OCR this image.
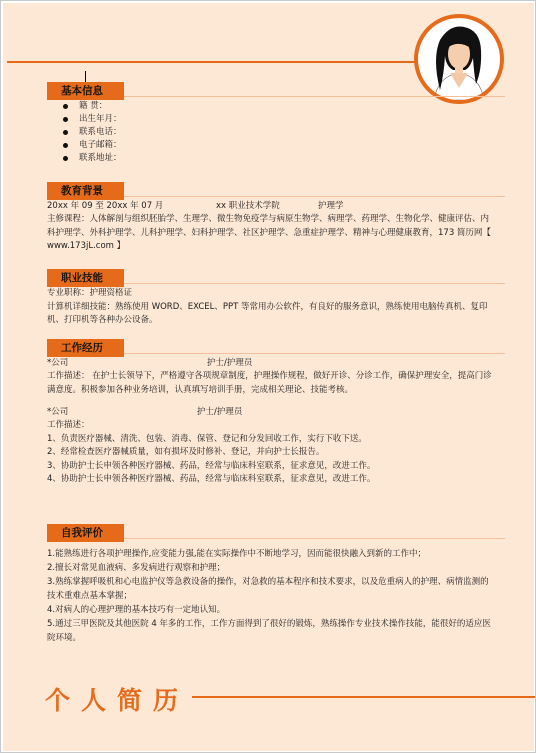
基本信息
籍 贯：
出生年月：
联系电话：
电子邮箱：
联系地址：
教育背景
20xx 年 09 至 20xx 年 07 月	xx 职业技术学院	护理学
主修课程：人体解剖与组织胚胎学、生理学、微生物免疫学与病原生物学、病理学、药理学、生物化学、健康评估、内科护理学、外科护理学、儿科护理学、妇科护理学、社区护理学、急重症护理学、精神与心理健康教育，173 简历网【 www.173jL.com 】
职业技能
专业职称：护理资格证
计算机详细技能：熟练使用 WORD、EXCEL、PPT 等常用办公软件，有良好的服务意识，熟练使用电脑传真机、复印机、打印机等各种办公设备。
工作经历
*公司	护士/护理员
工作描述： 在护士长领导下，严格遵守各项规章制度，护理操作规程，做好开诊、分诊工作，确保护理安全，提高门诊满意度。积极参加各种业务培训，认真填写培训手册，完成相关理论、技能考核。
*公司	护士/护理员
工作描述：
1、负责医疗器械、清洗、包装、消毒、保管、登记和分发回收工作，实行下收下送。
2、经常检查医疗器械质量，如有损坏及时修补、登记，并向护士长报告。
3、协助护士长申领各种医疗器械、药品，经常与临床科室联系，征求意见，改进工作。
4、协助护士长申领各种医疗器械、药品，经常与临床科室联系，征求意见，改进工作。
自我评价
1.能熟练进行各项护理操作,应变能力强,能在实际操作中不断地学习，因而能很快融入到新的工作中；
2.擅长对常见血液病、多发病进行观察和护理；
3.熟练掌握呼吸机和心电监护仪等急救设备的操作，对急救的基本程序和技术要求，以及危重病人的护理、病情监测的技术重难点基本掌握；
4.对病人的心理护理的基本技巧有一定地认知。
5.通过三甲医院及其他医院 4 年多的工作，工作方面得到了很好的锻炼，熟练操作专业技术操作技能，能很好的适应医院环境。
个人简历
